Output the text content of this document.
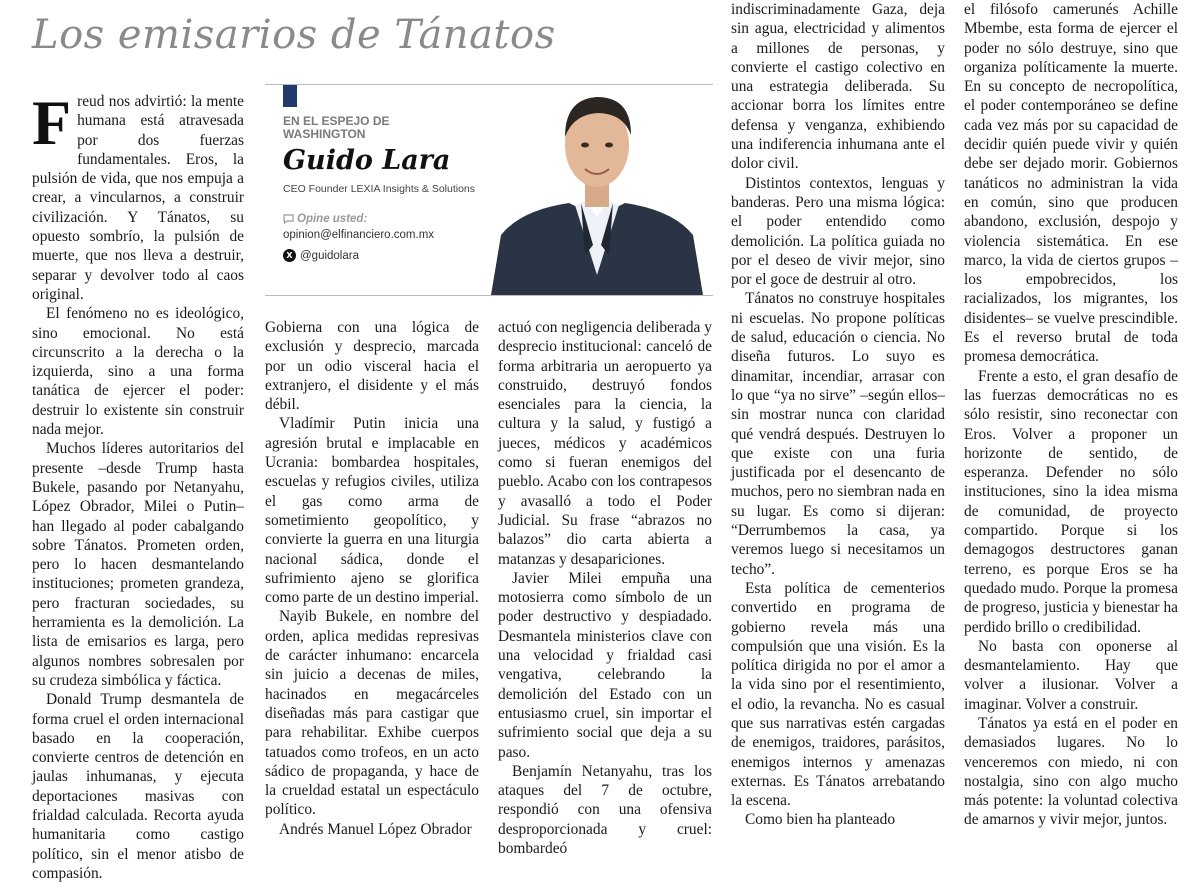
Los emisarios de Tánatos
EN EL ESPEJO DE WASHINGTON
Guido Lara
CEO Founder LEXIA Insights & Solutions
Opine usted:
opinion@elfinanciero.com.mx
X @guidolara

Freud nos advirtió: la mente humana está atravesada por dos fuerzas fundamentales. Eros, la pulsión de vida, que nos empuja a crear, a vincularnos, a construir civilización. Y Tánatos, su opuesto sombrío, la pulsión de muerte, que nos lleva a destruir, separar y devolver todo al caos original.

El fenómeno no es ideológico, sino emocional. No está circunscrito a la derecha o la izquierda, sino a una forma tanática de ejercer el poder: destruir lo existente sin construir nada mejor.

Muchos líderes autoritarios del presente –desde Trump hasta Bukele, pasando por Netanyahu, López Obrador, Milei o Putin– han llegado al poder cabalgando sobre Tánatos. Prometen orden, pero lo hacen desmantelando instituciones; prometen grandeza, pero fracturan sociedades, su herramienta es la demolición. La lista de emisarios es larga, pero algunos nombres sobresalen por su crudeza simbólica y fáctica.

Donald Trump desmantela de forma cruel el orden internacional basado en la cooperación, convierte centros de detención en jaulas inhumanas, y ejecuta deportaciones masivas con frialdad calculada. Recorta ayuda humanitaria como castigo político, sin el menor atisbo de compasión.

Gobierna con una lógica de exclusión y desprecio, marcada por un odio visceral hacia el extranjero, el disidente y el más débil.

Vladímir Putin inicia una agresión brutal e implacable en Ucrania: bombardea hospitales, escuelas y refugios civiles, utiliza el gas como arma de sometimiento geopolítico, y convierte la guerra en una liturgia nacional sádica, donde el sufrimiento ajeno se glorifica como parte de un destino imperial.

Nayib Bukele, en nombre del orden, aplica medidas represivas de carácter inhumano: encarcela sin juicio a decenas de miles, hacinados en megacárceles diseñadas más para castigar que para rehabilitar. Exhibe cuerpos tatuados como trofeos, en un acto sádico de propaganda, y hace de la crueldad estatal un espectáculo político.

Andrés Manuel López Obrador

actuó con negligencia deliberada y desprecio institucional: canceló de forma arbitraria un aeropuerto ya construido, destruyó fondos esenciales para la ciencia, la cultura y la salud, y fustigó a jueces, médicos y académicos como si fueran enemigos del pueblo. Acabo con los contrapesos y avasalló a todo el Poder Judicial. Su frase “abrazos no balazos” dio carta abierta a matanzas y desapariciones.

Javier Milei empuña una motosierra como símbolo de un poder destructivo y despiadado. Desmantela ministerios clave con una velocidad y frialdad casi vengativa, celebrando la demolición del Estado con un entusiasmo cruel, sin importar el sufrimiento social que deja a su paso.

Benjamín Netanyahu, tras los ataques del 7 de octubre, respondió con una ofensiva desproporcionada y cruel: bombardeó

indiscriminadamente Gaza, deja sin agua, electricidad y alimentos a millones de personas, y convierte el castigo colectivo en una estrategia deliberada. Su accionar borra los límites entre defensa y venganza, exhibiendo una indiferencia inhumana ante el dolor civil.

Distintos contextos, lenguas y banderas. Pero una misma lógica: el poder entendido como demolición. La política guiada no por el deseo de vivir mejor, sino por el goce de destruir al otro.

Tánatos no construye hospitales ni escuelas. No propone políticas de salud, educación o ciencia. No diseña futuros. Lo suyo es dinamitar, incendiar, arrasar con lo que “ya no sirve” –según ellos– sin mostrar nunca con claridad qué vendrá después. Destruyen lo que existe con una furia justificada por el desencanto de muchos, pero no siembran nada en su lugar. Es como si dijeran: “Derrumbemos la casa, ya veremos luego si necesitamos un techo”.

Esta política de cementerios convertido en programa de gobierno revela más una compulsión que una visión. Es la política dirigida no por el amor a la vida sino por el resentimiento, el odio, la revancha. No es casual que sus narrativas estén cargadas de enemigos, traidores, parásitos, enemigos internos y amenazas externas. Es Tánatos arrebatando la escena.

Como bien ha planteado

el filósofo camerunés Achille Mbembe, esta forma de ejercer el poder no sólo destruye, sino que organiza políticamente la muerte. En su concepto de necropolítica, el poder contemporáneo se define cada vez más por su capacidad de decidir quién puede vivir y quién debe ser dejado morir. Gobiernos tanáticos no administran la vida en común, sino que producen abandono, exclusión, despojo y violencia sistemática. En ese marco, la vida de ciertos grupos –los empobrecidos, los racializados, los migrantes, los disidentes– se vuelve prescindible. Es el reverso brutal de toda promesa democrática.

Frente a esto, el gran desafío de las fuerzas democráticas no es sólo resistir, sino reconectar con Eros. Volver a proponer un horizonte de sentido, de esperanza. Defender no sólo instituciones, sino la idea misma de comunidad, de proyecto compartido. Porque si los demagogos destructores ganan terreno, es porque Eros se ha quedado mudo. Porque la promesa de progreso, justicia y bienestar ha perdido brillo o credibilidad.

No basta con oponerse al desmantelamiento. Hay que volver a ilusionar. Volver a imaginar. Volver a construir.

Tánatos ya está en el poder en demasiados lugares. No lo venceremos con miedo, ni con nostalgia, sino con algo mucho más potente: la voluntad colectiva de amarnos y vivir mejor, juntos.
